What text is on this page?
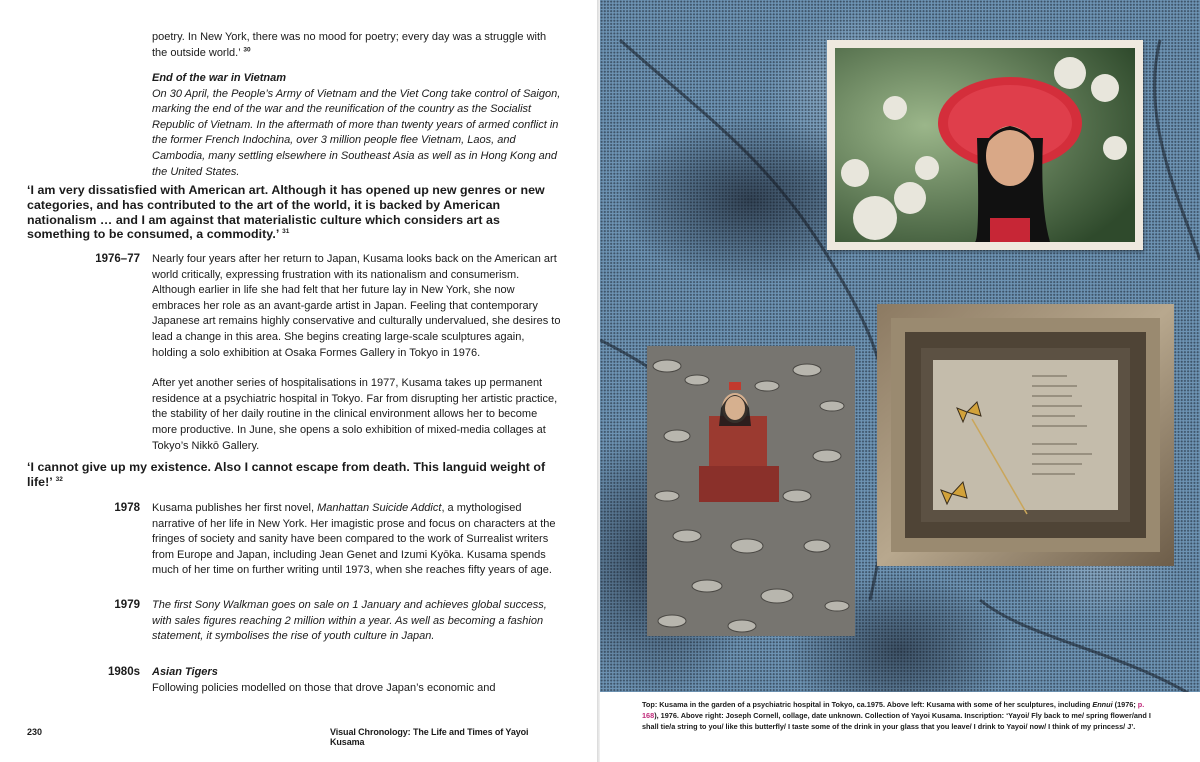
poetry. In New York, there was no mood for poetry; every day was a struggle with the outside world.’ $^{30}$

End of the war in Vietnam

On 30 April, the People’s Army of Vietnam and the Viet Cong take control of Saigon, marking the end of the war and the reunification of the country as the Socialist Republic of Vietnam. In the aftermath of more than twenty years of armed conflict in the former French Indochina, over 3 million people flee Vietnam, Laos, and Cambodia, many settling elsewhere in Southeast Asia as well as in Hong Kong and the United States.

‘I am very dissatisfied with American art. Although it has opened up new genres or new categories, and has contributed to the art of the world, it is backed by American nationalism … and I am against that materialistic culture which considers art as something to be consumed, a commodity.’ $^{31}$

1976–77 Nearly four years after her return to Japan, Kusama looks back on the American art world critically, expressing frustration with its nationalism and consumerism. Although earlier in life she had felt that her future lay in New York, she now embraces her role as an avant-garde artist in Japan. Feeling that contemporary Japanese art remains highly conservative and culturally undervalued, she desires to lead a change in this area. She begins creating large-scale sculptures again, holding a solo exhibition at Osaka Formes Gallery in Tokyo in 1976.

After yet another series of hospitalisations in 1977, Kusama takes up permanent residence at a psychiatric hospital in Tokyo. Far from disrupting her artistic practice, the stability of her daily routine in the clinical environment allows her to become more productive. In June, she opens a solo exhibition of mixed-media collages at Tokyo’s Nikkō Gallery.

‘I cannot give up my existence. Also I cannot escape from death. This languid weight of life!’ $^{32}$

1978 Kusama publishes her first novel, Manhattan Suicide Addict, a mythologised narrative of her life in New York. Her imagistic prose and focus on characters at the fringes of society and sanity have been compared to the work of Surrealist writers from Europe and Japan, including Jean Genet and Izumi Kyōka. Kusama spends much of her time on further writing until 1973, when she reaches fifty years of age.

1979 The first Sony Walkman goes on sale on 1 January and achieves global success, with sales figures reaching 2 million within a year. As well as becoming a fashion statement, it symbolises the rise of youth culture in Japan.

1980s Asian Tigers

Following policies modelled on those that drove Japan’s economic and

230	Visual Chronology: The Life and Times of Yayoi Kusama
Top: Kusama in the garden of a psychiatric hospital in Tokyo, ca.1975. Above left: Kusama with some of her sculptures, including Ennui (1976; p. 168), 1976. Above right: Joseph Cornell, collage, date unknown. Collection of Yayoi Kusama. Inscription: ‘Yayoi/ Fly back to me/ spring flower/and I shall tie/a string to you/ like this butterfly/ I taste some of the drink in your glass that you leave/ I drink to Yayoi/ now/ I think of my princess/ J’.
